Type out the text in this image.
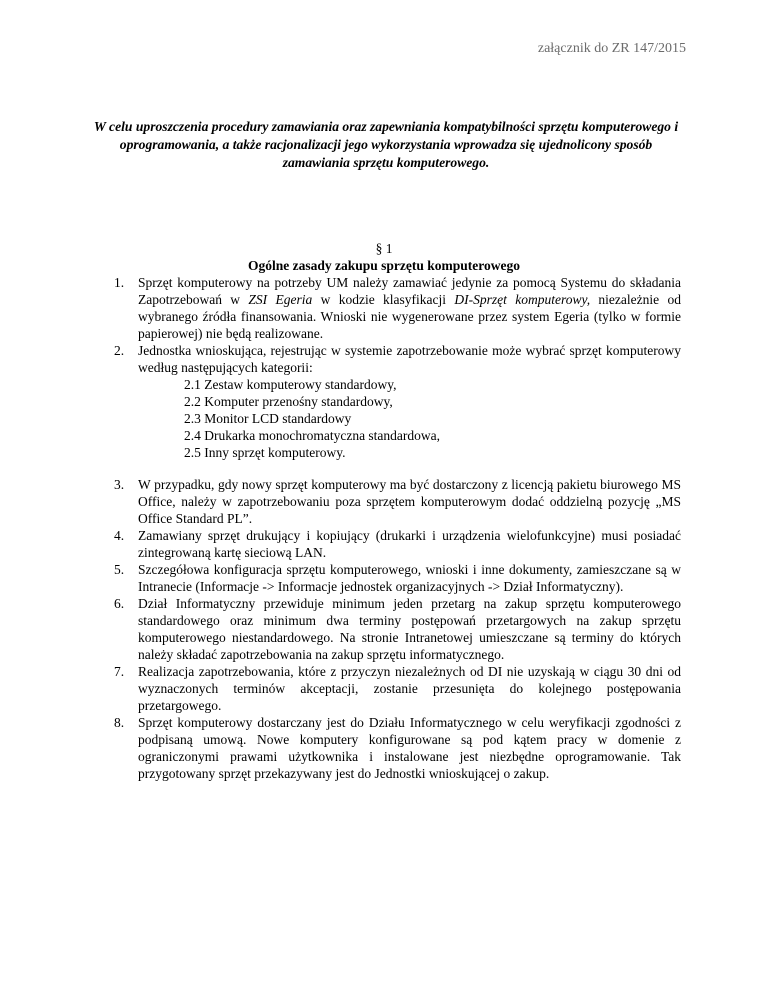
załącznik do ZR 147/2015
W celu uproszczenia procedury zamawiania oraz zapewniania kompatybilności sprzętu komputerowego i oprogramowania, a także racjonalizacji jego wykorzystania wprowadza się ujednolicony sposób zamawiania sprzętu komputerowego.
§ 1
Ogólne zasady zakupu sprzętu komputerowego
1. Sprzęt komputerowy na potrzeby UM należy zamawiać jedynie za pomocą Systemu do składania Zapotrzebowań w ZSI Egeria w kodzie klasyfikacji DI-Sprzęt komputerowy, niezależnie od wybranego źródła finansowania. Wnioski nie wygenerowane przez system Egeria (tylko w formie papierowej) nie będą realizowane.
2. Jednostka wnioskująca, rejestrując w systemie zapotrzebowanie może wybrać sprzęt komputerowy według następujących kategorii:
2.1 Zestaw komputerowy standardowy,
2.2 Komputer przenośny standardowy,
2.3 Monitor LCD standardowy
2.4 Drukarka monochromatyczna standardowa,
2.5 Inny sprzęt komputerowy.
3. W przypadku, gdy nowy sprzęt komputerowy ma być dostarczony z licencją pakietu biurowego MS Office, należy w zapotrzebowaniu poza sprzętem komputerowym dodać oddzielną pozycję „MS Office Standard PL”.
4. Zamawiany sprzęt drukujący i kopiujący (drukarki i urządzenia wielofunkcyjne) musi posiadać zintegrowaną kartę sieciową LAN.
5. Szczegółowa konfiguracja sprzętu komputerowego, wnioski i inne dokumenty, zamieszczane są w Intranecie (Informacje -> Informacje jednostek organizacyjnych -> Dział Informatyczny).
6. Dział Informatyczny przewiduje minimum jeden przetarg na zakup sprzętu komputerowego standardowego oraz minimum dwa terminy postępowań przetargowych na zakup sprzętu komputerowego niestandardowego. Na stronie Intranetowej umieszczane są terminy do których należy składać zapotrzebowania na zakup sprzętu informatycznego.
7. Realizacja zapotrzebowania, które z przyczyn niezależnych od DI nie uzyskają w ciągu 30 dni od wyznaczonych terminów akceptacji, zostanie przesunięta do kolejnego postępowania przetargowego.
8. Sprzęt komputerowy dostarczany jest do Działu Informatycznego w celu weryfikacji zgodności z podpisaną umową. Nowe komputery konfigurowane są pod kątem pracy w domenie z ograniczonymi prawami użytkownika i instalowane jest niezbędne oprogramowanie. Tak przygotowany sprzęt przekazywany jest do Jednostki wnioskującej o zakup.
